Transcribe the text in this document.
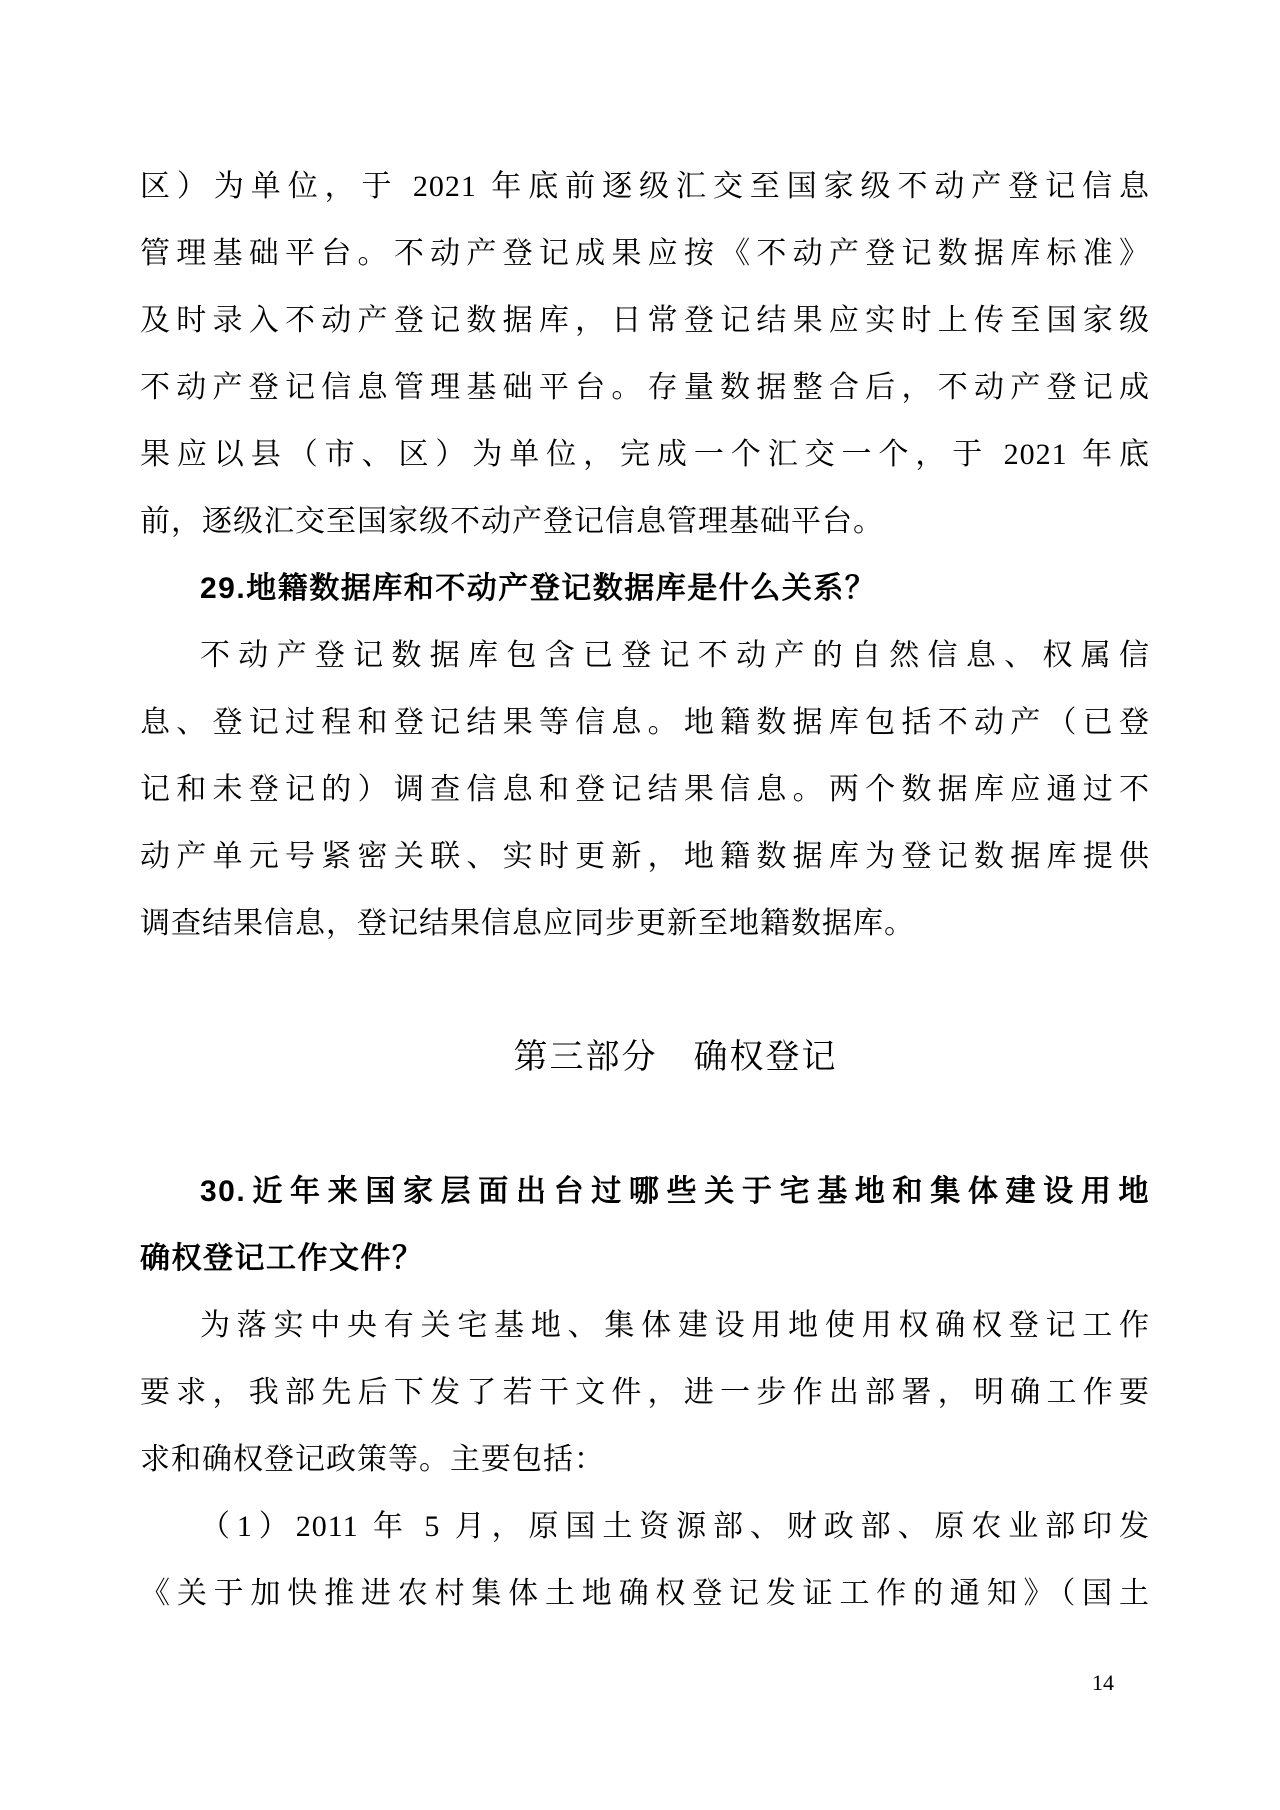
区）为单位，于 2021 年底前逐级汇交至国家级不动产登记信息
管理基础平台。不动产登记成果应按《不动产登记数据库标准》
及时录入不动产登记数据库，日常登记结果应实时上传至国家级
不动产登记信息管理基础平台。存量数据整合后，不动产登记成
果应以县（市、区）为单位，完成一个汇交一个，于 2021 年底
前，逐级汇交至国家级不动产登记信息管理基础平台。
29.地籍数据库和不动产登记数据库是什么关系？
不动产登记数据库包含已登记不动产的自然信息、权属信
息、登记过程和登记结果等信息。地籍数据库包括不动产（已登
记和未登记的）调查信息和登记结果信息。两个数据库应通过不
动产单元号紧密关联、实时更新，地籍数据库为登记数据库提供
调查结果信息，登记结果信息应同步更新至地籍数据库。
第三部分　确权登记
30.近年来国家层面出台过哪些关于宅基地和集体建设用地
确权登记工作文件？
为落实中央有关宅基地、集体建设用地使用权确权登记工作
要求，我部先后下发了若干文件，进一步作出部署，明确工作要
求和确权登记政策等。主要包括：
（1）2011 年 5 月，原国土资源部、财政部、原农业部印发
《关于加快推进农村集体土地确权登记发证工作的通知》（国土
14
